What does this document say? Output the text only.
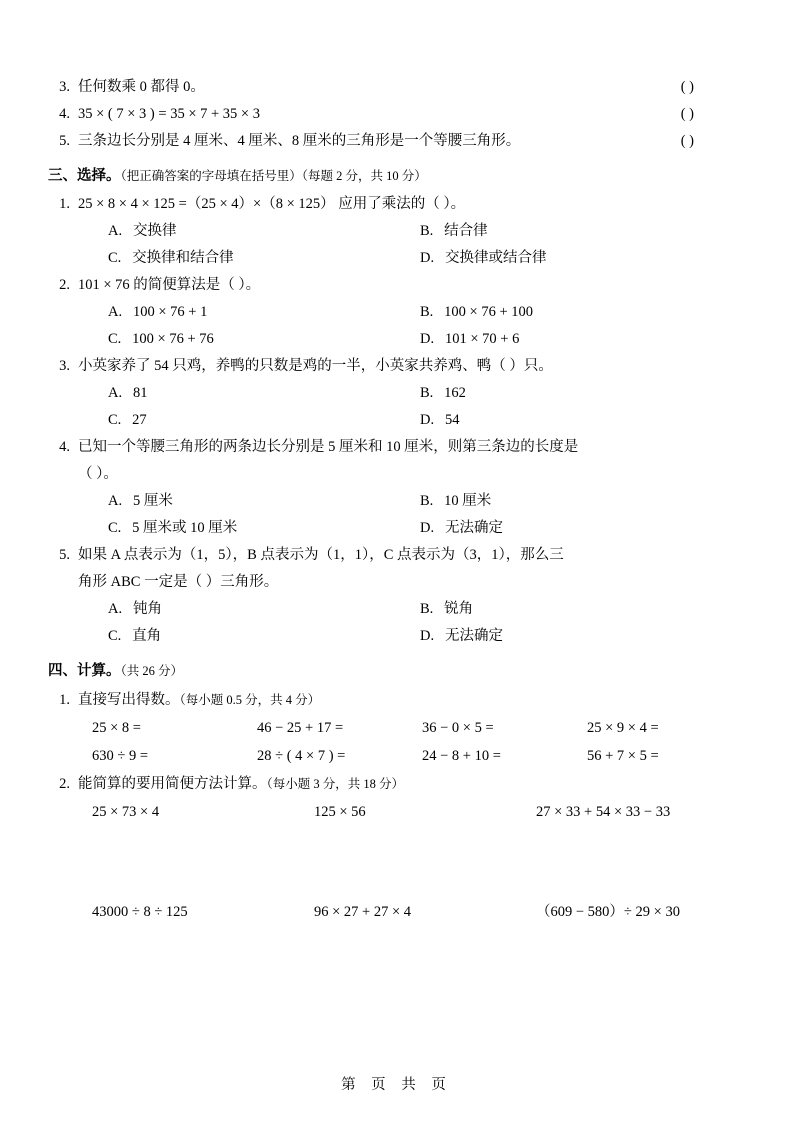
3. 任何数乘 0 都得 0。	( )
4. 35 × ( 7 × 3 ) = 35 × 7 + 35 × 3	( )
5. 三条边长分别是 4 厘米、4 厘米、8 厘米的三角形是一个等腰三角形。	( )
三、选择。（把正确答案的字母填在括号里）（每题 2 分，共 10 分）
1. 25 × 8 × 4 × 125 =（25 × 4）×（8 × 125） 应用了乘法的（ ）。
A. 交换律	B. 结合律
C. 交换律和结合律	D. 交换律或结合律
2. 101 × 76 的简便算法是（ ）。
A. 100 × 76 + 1	B. 100 × 76 + 100
C. 100 × 76 + 76	D. 101 × 70 + 6
3. 小英家养了 54 只鸡，养鸭的只数是鸡的一半，小英家共养鸡、鸭（ ）只。
A. 81	B. 162
C. 27	D. 54
4. 已知一个等腰三角形的两条边长分别是 5 厘米和 10 厘米，则第三条边的长度是
（ ）。
A. 5 厘米	B. 10 厘米
C. 5 厘米或 10 厘米	D. 无法确定
5. 如果 A 点表示为（1，5），B 点表示为（1，1），C 点表示为（3，1），那么三
角形 ABC 一定是（ ）三角形。
A. 钝角	B. 锐角
C. 直角	D. 无法确定
四、计算。（共 26 分）
1. 直接写出得数。（每小题 0.5 分，共 4 分）
25 × 8 =	46 − 25 + 17 =	36 − 0 × 5 =	25 × 9 × 4 =
630 ÷ 9 =	28 ÷ ( 4 × 7 ) =	24 − 8 + 10 =	56 + 7 × 5 =
2. 能简算的要用简便方法计算。（每小题 3 分，共 18 分）
25 × 73 × 4	125 × 56	27 × 33 + 54 × 33 − 33
43000 ÷ 8 ÷ 125	96 × 27 + 27 × 4	（609 − 580）÷ 29 × 30
第 页 共 页
